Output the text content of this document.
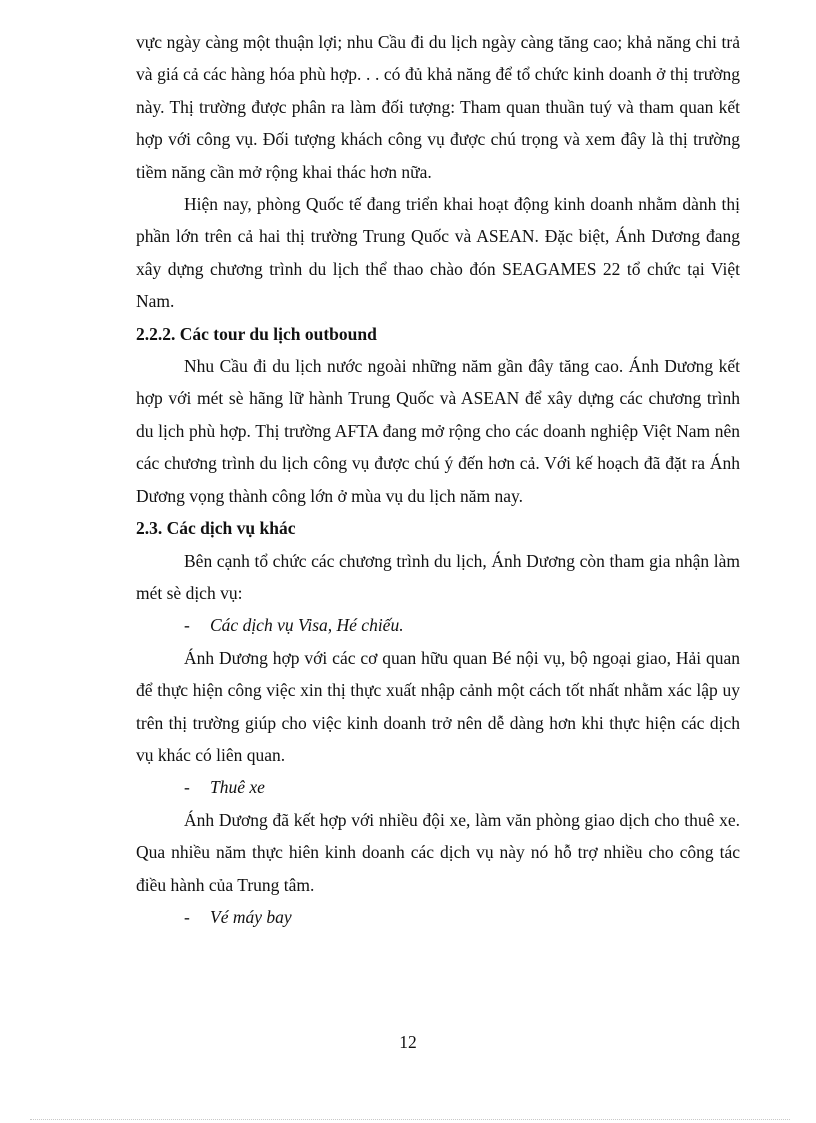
vực ngày càng một thuận lợi; nhu Cầu đi du lịch ngày càng tăng cao; khả năng chi trả và giá cả các hàng hóa phù hợp. . . có đủ khả năng để tổ chức kinh doanh ở thị trường này. Thị trường được phân ra làm đối tượng: Tham quan thuần tuý và tham quan kết hợp với công vụ. Đối tượng khách công vụ được chú trọng và xem đây là thị trường tiềm năng cần mở rộng khai thác hơn nữa.

Hiện nay, phòng Quốc tế đang triển khai hoạt động kinh doanh nhằm dành thị phần lớn trên cả hai thị trường Trung Quốc và ASEAN. Đặc biệt, Ánh Dương đang xây dựng chương trình du lịch thể thao chào đón SEAGAMES 22 tổ chức tại Việt Nam.

2.2.2. Các tour du lịch outbound

Nhu Cầu đi du lịch nước ngoài những năm gần đây tăng cao. Ánh Dương kết hợp với mét sè hãng lữ hành Trung Quốc và ASEAN để xây dựng các chương trình du lịch phù hợp. Thị trường AFTA đang mở rộng cho các doanh nghiệp Việt Nam nên các chương trình du lịch công vụ được chú ý đến hơn cả. Với kế hoạch đã đặt ra Ánh Dương vọng thành công lớn ở mùa vụ du lịch năm nay.

2.3. Các dịch vụ khác

Bên cạnh tổ chức các chương trình du lịch, Ánh Dương còn tham gia nhận làm mét sè dịch vụ:

-	Các dịch vụ Visa, Hé chiếu.

Ánh Dương hợp với các cơ quan hữu quan Bé nội vụ, bộ ngoại giao, Hải quan để thực hiện công việc xin thị thực xuất nhập cảnh một cách tốt nhất nhằm xác lập uy trên thị trường giúp cho việc kinh doanh trở nên dễ dàng hơn khi thực hiện các dịch vụ khác có liên quan.

-	Thuê xe

Ánh Dương đã kết hợp với nhiều đội xe, làm văn phòng giao dịch cho thuê xe. Qua nhiều năm thực hiên kinh doanh các dịch vụ này nó hỗ trợ nhiều cho công tác điều hành của Trung tâm.

-	Vé máy bay
12
